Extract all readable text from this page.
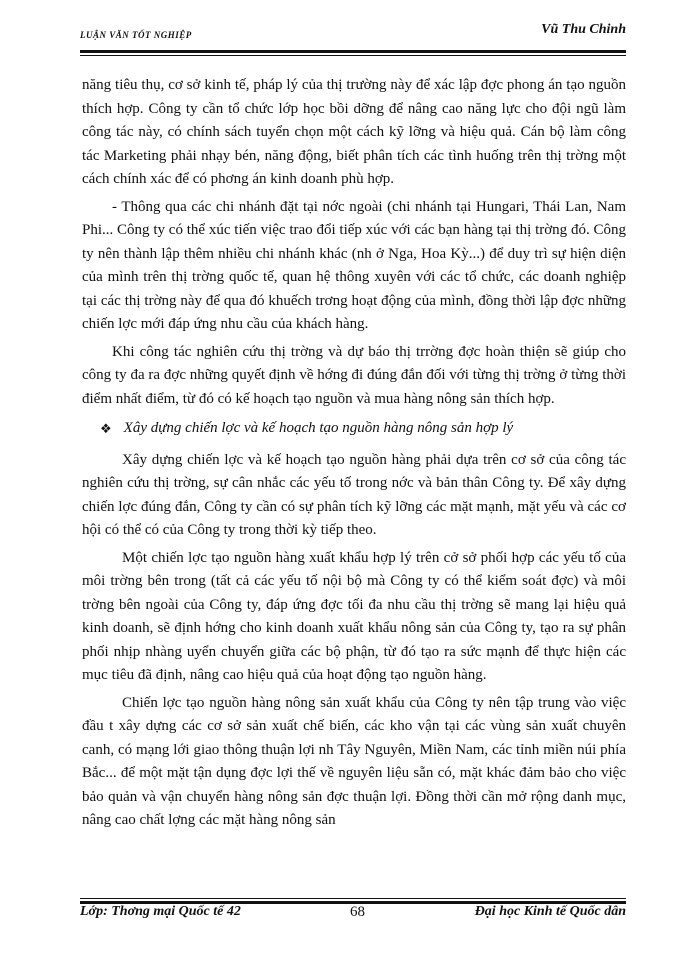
LUẬN VĂN TỐT NGHIỆP	Vũ Thu Chinh

năng tiêu thụ, cơ sở kinh tế, pháp lý của thị trường này để xác lập đợc phong án tạo nguồn thích hợp. Công ty cần tổ chức lớp học bồi dỡng để nâng cao năng lực cho đội ngũ làm công tác này, có chính sách tuyển chọn một cách kỹ lỡng và hiệu quả. Cán bộ làm công tác Marketing phải nhạy bén, năng động, biết phân tích các tình huống trên thị trờng một cách chính xác để có phơng án kinh doanh phù hợp.

- Thông qua các chi nhánh đặt tại nớc ngoài (chi nhánh tại Hungari, Thái Lan, Nam Phi... Công ty có thể xúc tiến việc trao đổi tiếp xúc với các bạn hàng tại thị trờng đó. Công ty nên thành lập thêm nhiều chi nhánh khác (nh ở Nga, Hoa Kỳ...) để duy trì sự hiện diện của mình trên thị trờng quốc tế, quan hệ thông xuyên với các tổ chức, các doanh nghiệp tại các thị trờng này để qua đó khuếch trơng hoạt động của mình, đồng thời lập đợc những chiến lợc mới đáp ứng nhu cầu của khách hàng.

Khi công tác nghiên cứu thị trờng và dự báo thị trrờng đợc hoàn thiện sẽ giúp cho công ty đa ra đợc những quyết định về hớng đi đúng đắn đối với từng thị trờng ở từng thời điểm nhất điểm, từ đó có kế hoạch tạo nguồn và mua hàng nông sản thích hợp.

❖ Xây dựng chiến lợc và kế hoạch tạo nguồn hàng nông sản hợp lý

Xây dựng chiến lợc và kế hoạch tạo nguồn hàng phải dựa trên cơ sở của công tác nghiên cứu thị trờng, sự cân nhắc các yếu tố trong nớc và bản thân Công ty. Để xây dựng chiến lợc đúng đắn, Công ty cần có sự phân tích kỹ lỡng các mặt mạnh, mặt yếu và các cơ hội có thể có của Công ty trong thời kỳ tiếp theo.

Một chiến lợc tạo nguồn hàng xuất khẩu hợp lý trên cở sở phối hợp các yếu tố của môi trờng bên trong (tất cả các yếu tố nội bộ mà Công ty có thể kiểm soát đợc) và môi trờng bên ngoài của Công ty, đáp ứng đợc tối đa nhu cầu thị trờng sẽ mang lại hiệu quả kinh doanh, sẽ định hớng cho kinh doanh xuất khẩu nông sản của Công ty, tạo ra sự phân phối nhịp nhàng uyển chuyển giữa các bộ phận, từ đó tạo ra sức mạnh để thực hiện các mục tiêu đã định, nâng cao hiệu quả của hoạt động tạo nguồn hàng.

Chiến lợc tạo nguồn hàng nông sản xuất khẩu của Công ty nên tập trung vào việc đầu t xây dựng các cơ sở sản xuất chế biến, các kho vận tại các vùng sản xuất chuyên canh, có mạng lới giao thông thuận lợi nh Tây Nguyên, Miền Nam, các tỉnh miền núi phía Bắc... để một mặt tận dụng đợc lợi thế về nguyên liệu sẵn có, mặt khác đảm bảo cho việc bảo quản và vận chuyển hàng nông sản đợc thuận lợi. Đồng thời cần mở rộng danh mục, nâng cao chất lợng các mặt hàng nông sản

Lớp: Thơng mại Quốc tế 42	68	Đại học Kinh tế Quốc dân
